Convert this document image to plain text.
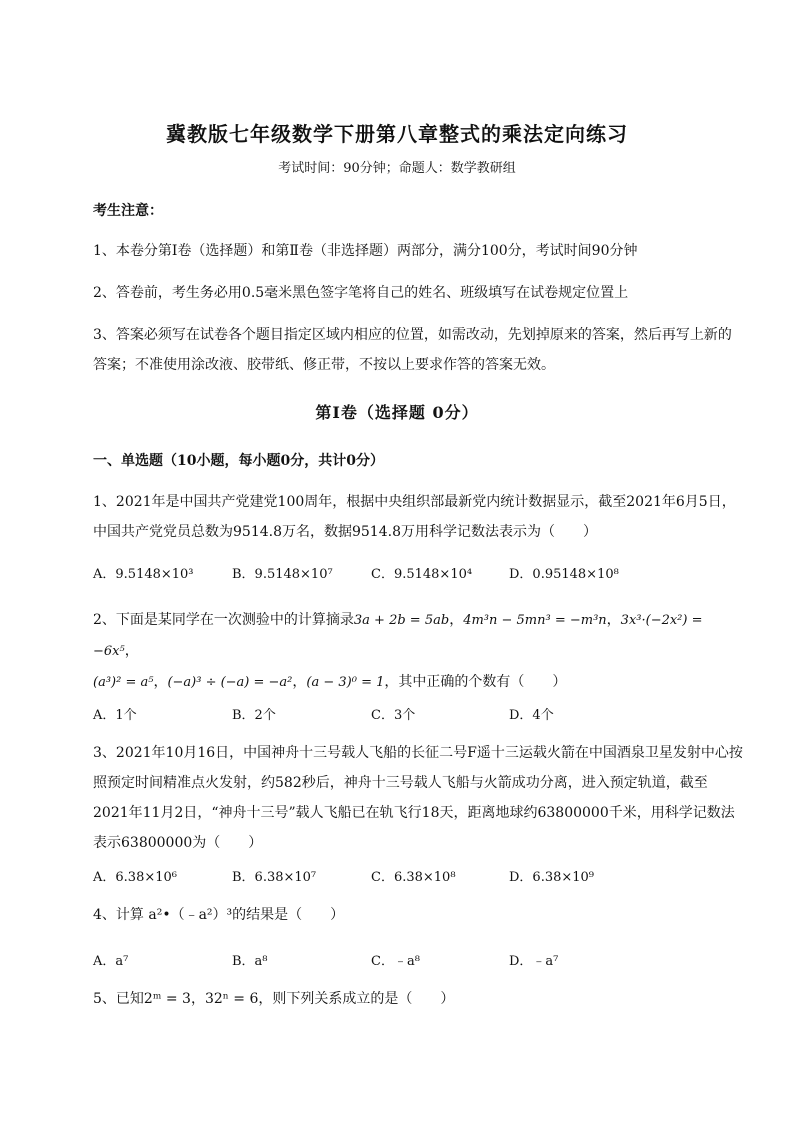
冀教版七年级数学下册第八章整式的乘法定向练习
考试时间：90分钟；命题人：数学教研组
考生注意：
1、本卷分第Ⅰ卷（选择题）和第Ⅱ卷（非选择题）两部分，满分100分，考试时间90分钟
2、答卷前，考生务必用0.5毫米黑色签字笔将自己的姓名、班级填写在试卷规定位置上
3、答案必须写在试卷各个题目指定区域内相应的位置，如需改动，先划掉原来的答案，然后再写上新的答案；不准使用涂改液、胶带纸、修正带，不按以上要求作答的答案无效。
第Ⅰ卷（选择题 0分）
一、单选题（10小题，每小题0分，共计0分）
1、2021年是中国共产党建党100周年，根据中央组织部最新党内统计数据显示，截至2021年6月5日，中国共产党党员总数为9514.8万名，数据9514.8万用科学记数法表示为（　　）
A．9.5148×10³	B．9.5148×10⁷	C．9.5148×10⁴	D．0.95148×10⁸
2、下面是某同学在一次测验中的计算摘录3a + 2b = 5ab，4m³n − 5mn³ = −m³n，3x³·(−2x²) = −6x⁵，
(a³)² = a⁵，(−a)³ ÷ (−a) = −a²，(a − 3)⁰ = 1，其中正确的个数有（　　）
A．1个	B．2个	C．3个	D．4个
3、2021年10月16日，中国神舟十三号载人飞船的长征二号F遥十三运载火箭在中国酒泉卫星发射中心按照预定时间精准点火发射，约582秒后，神舟十三号载人飞船与火箭成功分离，进入预定轨道，截至2021年11月2日，“神舟十三号”载人飞船已在轨飞行18天，距离地球约63800000千米，用科学记数法表示63800000为（　　）
A．6.38×10⁶	B．6.38×10⁷	C．6.38×10⁸	D．6.38×10⁹
4、计算 a²•（﹣a²）³的结果是（　　）
A．a⁷	B．a⁸	C．﹣a⁸	D．﹣a⁷
5、已知2ᵐ = 3，32ⁿ = 6，则下列关系成立的是（　　）
